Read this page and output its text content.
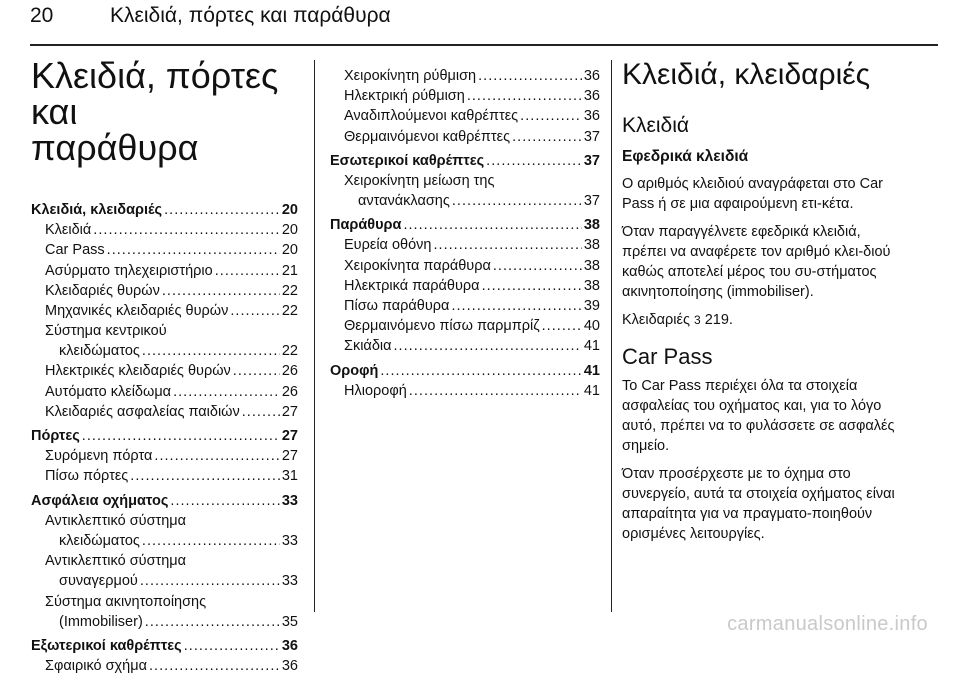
20	Κλειδιά, πόρτες και παράθυρα
Κλειδιά, πόρτες και
παράθυρα
Κλειδιά, κλειδαριές . . .	20
Κλειδιά . . .	20
Car Pass . . .	20
Ασύρματο τηλεχειριστήριο . . .	21
Κλειδαριές θυρών . . .	22
Μηχανικές κλειδαριές θυρών . . .	22
Σύστημα κεντρικού
κλειδώματος . . .	22
Ηλεκτρικές κλειδαριές θυρών . . .	26
Αυτόματο κλείδωμα . . .	26
Κλειδαριές ασφαλείας παιδιών . . .	27
Πόρτες . . .	27
Συρόμενη πόρτα . . .	27
Πίσω πόρτες . . .	31
Ασφάλεια οχήματος . . .	33
Αντικλεπτικό σύστημα
κλειδώματος . . .	33
Αντικλεπτικό σύστημα
συναγερμού . . .	33
Σύστημα ακινητοποίησης
(Immobiliser) . . .	35
Εξωτερικοί καθρέπτες . . .	36
Σφαιρικό σχήμα . . .	36
Χειροκίνητη ρύθμιση . . .	36
Ηλεκτρική ρύθμιση . . .	36
Αναδιπλούμενοι καθρέπτες . . .	36
Θερμαινόμενοι καθρέπτες . . .	37
Εσωτερικοί καθρέπτες . . .	37
Χειροκίνητη μείωση της
αντανάκλασης . . .	37
Παράθυρα . . .	38
Ευρεία οθόνη . . .	38
Χειροκίνητα παράθυρα . . .	38
Ηλεκτρικά παράθυρα . . .	38
Πίσω παράθυρα . . .	39
Θερμαινόμενο πίσω παρμπρίζ . . .	40
Σκιάδια . . .	41
Οροφή . . .	41
Ηλιοροφή . . .	41
Κλειδιά, κλειδαριές
Κλειδιά
Εφεδρικά κλειδιά

Ο αριθμός κλειδιού αναγράφεται στο Car Pass ή σε μια αφαιρούμενη ετι-κέτα.

Όταν παραγγέλνετε εφεδρικά κλειδιά, πρέπει να αναφέρετε τον αριθμό κλει-διού καθώς αποτελεί μέρος του συ-στήματος ακινητοποίησης (immobiliser).

Κλειδαριές 3 219.

Car Pass

Το Car Pass περιέχει όλα τα στοιχεία ασφαλείας του οχήματος και, για το λόγο αυτό, πρέπει να το φυλάσσετε σε ασφαλές σημείο.

Όταν προσέρχεστε με το όχημα στο συνεργείο, αυτά τα στοιχεία οχήματος είναι απαραίτητα για να πραγματο-ποιηθούν ορισμένες λειτουργίες.

carmanualsonline.info
